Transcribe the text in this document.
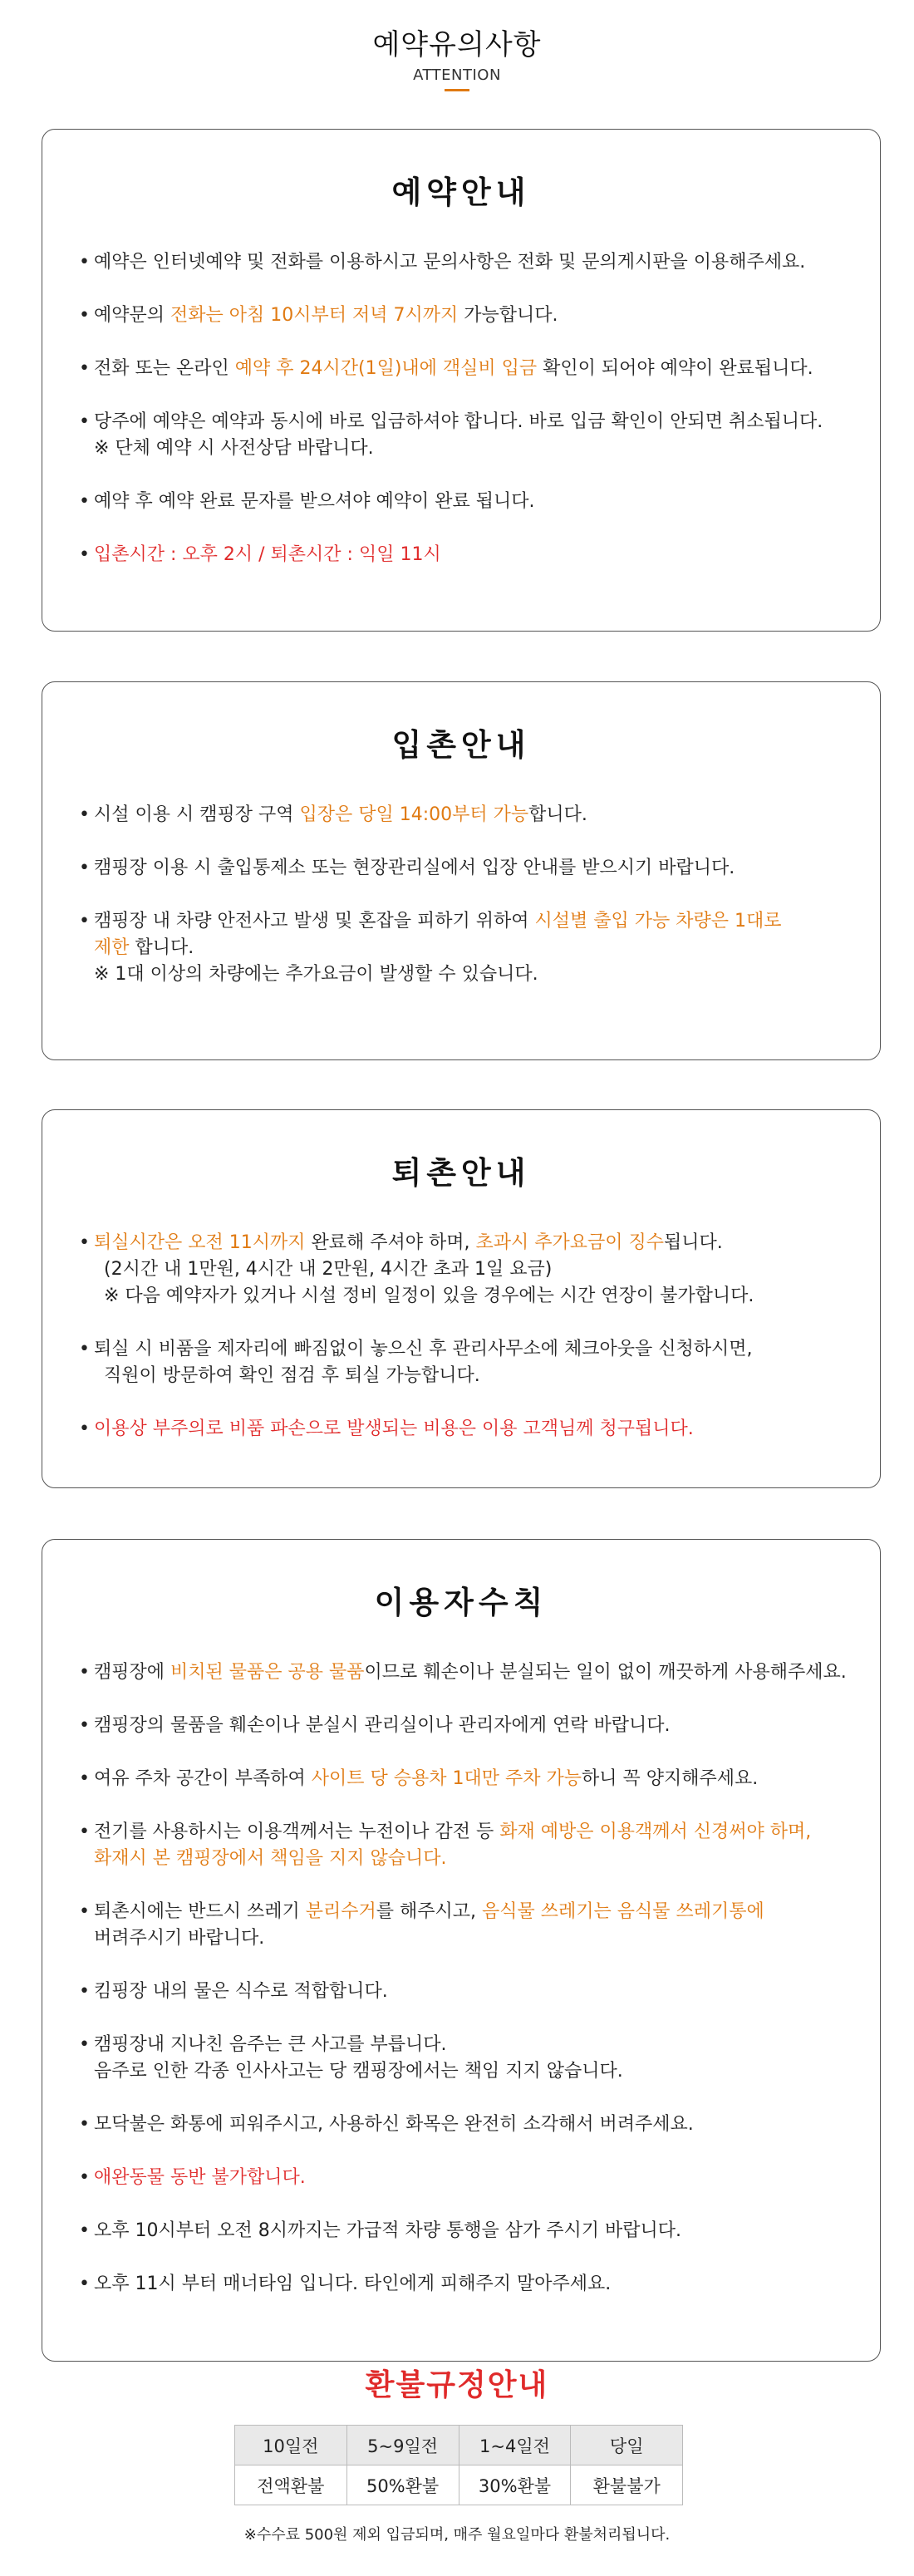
예약유의사항
ATTENTION
예약안내
• 예약은 인터넷예약 및 전화를 이용하시고 문의사항은 전화 및 문의게시판을 이용해주세요.
• 예약문의 전화는 아침 10시부터 저녁 7시까지 가능합니다.
• 전화 또는 온라인 예약 후 24시간(1일)내에 객실비 입금 확인이 되어야 예약이 완료됩니다.
• 당주에 예약은 예약과 동시에 바로 입금하셔야 합니다. 바로 입금 확인이 안되면 취소됩니다.
※ 단체 예약 시 사전상담 바랍니다.
• 예약 후 예약 완료 문자를 받으셔야 예약이 완료 됩니다.
• 입촌시간 : 오후 2시 / 퇴촌시간 : 익일 11시
입촌안내
• 시설 이용 시 캠핑장 구역 입장은 당일 14:00부터 가능합니다.
• 캠핑장 이용 시 출입통제소 또는 현장관리실에서 입장 안내를 받으시기 바랍니다.
• 캠핑장 내 차량 안전사고 발생 및 혼잡을 피하기 위하여 시설별 출입 가능 차량은 1대로
제한 합니다.
※ 1대 이상의 차량에는 추가요금이 발생할 수 있습니다.
퇴촌안내
• 퇴실시간은 오전 11시까지 완료해 주셔야 하며, 초과시 추가요금이 징수됩니다.
(2시간 내 1만원, 4시간 내 2만원, 4시간 초과 1일 요금)
※ 다음 예약자가 있거나 시설 정비 일정이 있을 경우에는 시간 연장이 불가합니다.
• 퇴실 시 비품을 제자리에 빠짐없이 놓으신 후 관리사무소에 체크아웃을 신청하시면,
직원이 방문하여 확인 점검 후 퇴실 가능합니다.
• 이용상 부주의로 비품 파손으로 발생되는 비용은 이용 고객님께 청구됩니다.
이용자수칙
• 캠핑장에 비치된 물품은 공용 물품이므로 훼손이나 분실되는 일이 없이 깨끗하게 사용해주세요.
• 캠핑장의 물품을 훼손이나 분실시 관리실이나 관리자에게 연락 바랍니다.
• 여유 주차 공간이 부족하여 사이트 당 승용차 1대만 주차 가능하니 꼭 양지해주세요.
• 전기를 사용하시는 이용객께서는 누전이나 감전 등 화재 예방은 이용객께서 신경써야 하며,
화재시 본 캠핑장에서 책임을 지지 않습니다.
• 퇴촌시에는 반드시 쓰레기 분리수거를 해주시고, 음식물 쓰레기는 음식물 쓰레기통에
버려주시기 바랍니다.
• 킴핑장 내의 물은 식수로 적합합니다.
• 캠핑장내 지나친 음주는 큰 사고를 부릅니다.
음주로 인한 각종 인사사고는 당 캠핑장에서는 책임 지지 않습니다.
• 모닥불은 화통에 피워주시고, 사용하신 화목은 완전히 소각해서 버려주세요.
• 애완동물 동반 불가합니다.
• 오후 10시부터 오전 8시까지는 가급적 차량 통행을 삼가 주시기 바랍니다.
• 오후 11시 부터 매너타임 입니다. 타인에게 피해주지 말아주세요.
환불규정안내
10일전	5~9일전	1~4일전	당일
전액환불	50%환불	30%환불	환불불가
※수수료 500원 제외 입금되며, 매주 월요일마다 환불처리됩니다.
